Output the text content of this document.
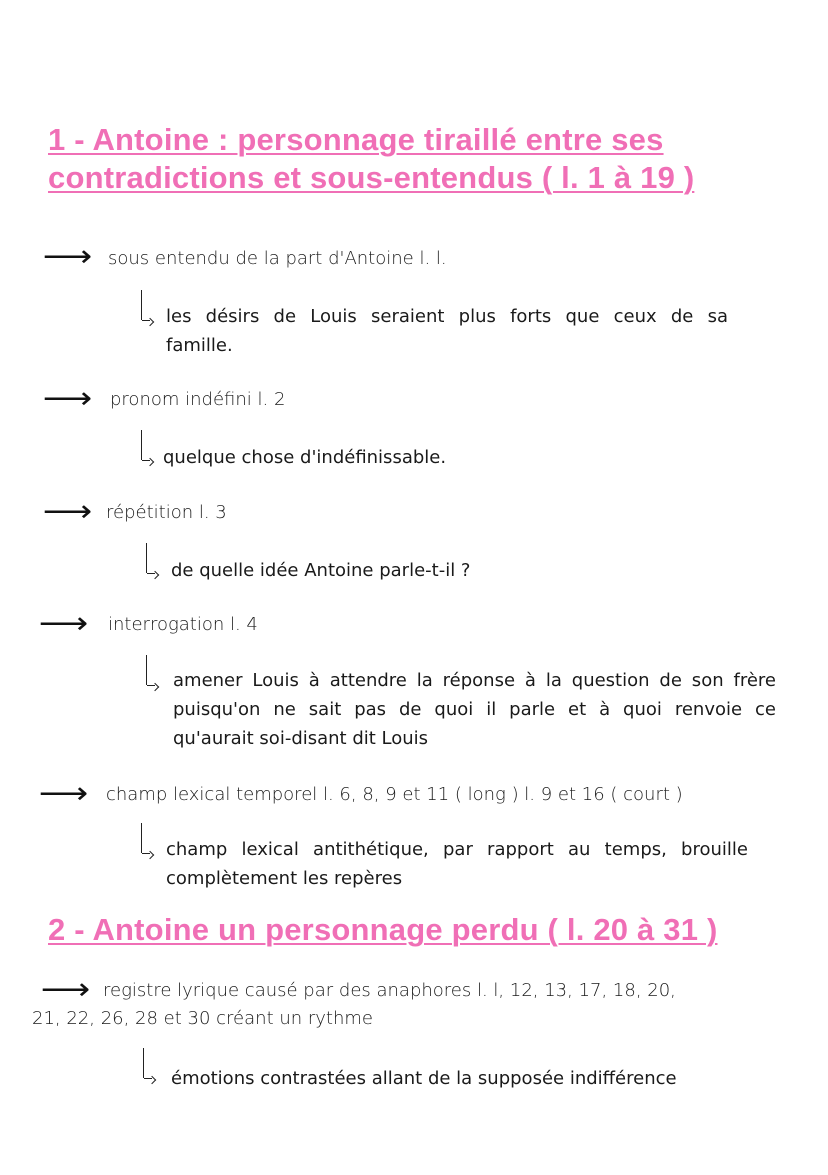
1 - Antoine : personnage tiraillé entre ses
contradictions et sous-entendus ( l. 1 à 19 )
⟶ sous entendu de la part d'Antoine l. l.
les désirs de Louis seraient plus forts que ceux de sa
famille.
⟶ pronom indéfini l. 2
quelque chose d'indéfinissable.
⟶ répétition l. 3
de quelle idée Antoine parle-t-il ?
⟶ interrogation l. 4
amener Louis à attendre la réponse à la question de son frère
puisqu'on ne sait pas de quoi il parle et à quoi renvoie ce
qu'aurait soi-disant dit Louis
⟶ champ lexical temporel l. 6, 8, 9 et 11 ( long ) l. 9 et 16 ( court )
champ lexical antithétique, par rapport au temps, brouille
complètement les repères
2 - Antoine un personnage perdu ( l. 20 à 31 )
⟶ registre lyrique causé par des anaphores l. l, 12, 13, 17, 18, 20,
21, 22, 26, 28 et 30 créant un rythme
émotions contrastées allant de la supposée indifférence
